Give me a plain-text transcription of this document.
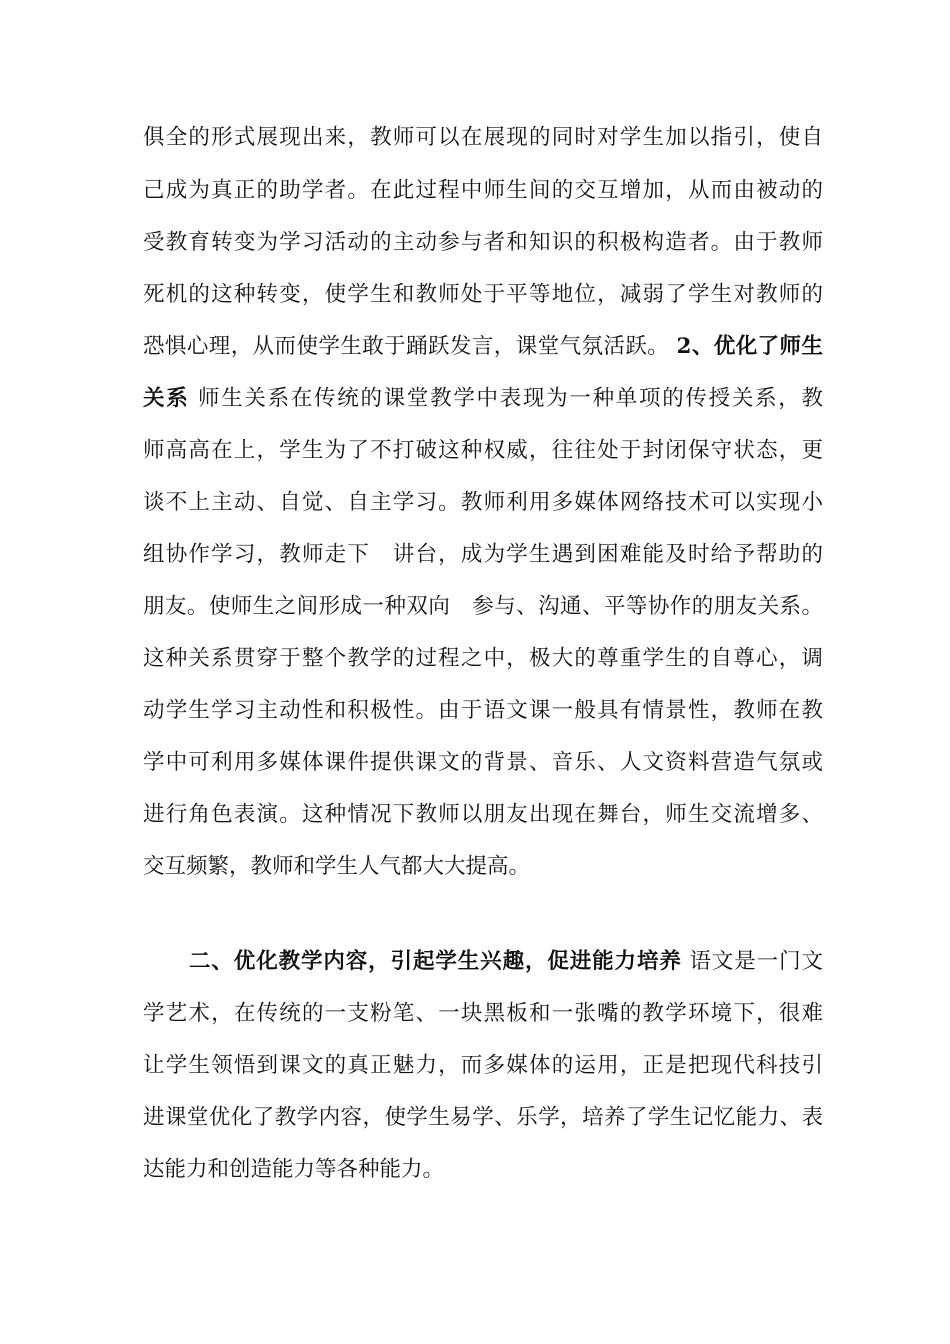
俱全的形式展现出来，教师可以在展现的同时对学生加以指引，使自
己成为真正的助学者。在此过程中师生间的交互增加，从而由被动的
受教育转变为学习活动的主动参与者和知识的积极构造者。由于教师
死机的这种转变，使学生和教师处于平等地位，减弱了学生对教师的
恐惧心理，从而使学生敢于踊跃发言，课堂气氛活跃。 2、优化了师生
关系 师生关系在传统的课堂教学中表现为一种单项的传授关系，教
师高高在上，学生为了不打破这种权威，往往处于封闭保守状态，更
谈不上主动、自觉、自主学习。教师利用多媒体网络技术可以实现小
组协作学习，教师走下　讲台，成为学生遇到困难能及时给予帮助的
朋友。使师生之间形成一种双向　参与、沟通、平等协作的朋友关系。
这种关系贯穿于整个教学的过程之中，极大的尊重学生的自尊心，调
动学生学习主动性和积极性。由于语文课一般具有情景性，教师在教
学中可利用多媒体课件提供课文的背景、音乐、人文资料营造气氛或
进行角色表演。这种情况下教师以朋友出现在舞台，师生交流增多、
交互频繁，教师和学生人气都大大提高。
二、优化教学内容，引起学生兴趣，促进能力培养 语文是一门文
学艺术，在传统的一支粉笔、一块黑板和一张嘴的教学环境下，很难
让学生领悟到课文的真正魅力，而多媒体的运用，正是把现代科技引
进课堂优化了教学内容，使学生易学、乐学，培养了学生记忆能力、表
达能力和创造能力等各种能力。
